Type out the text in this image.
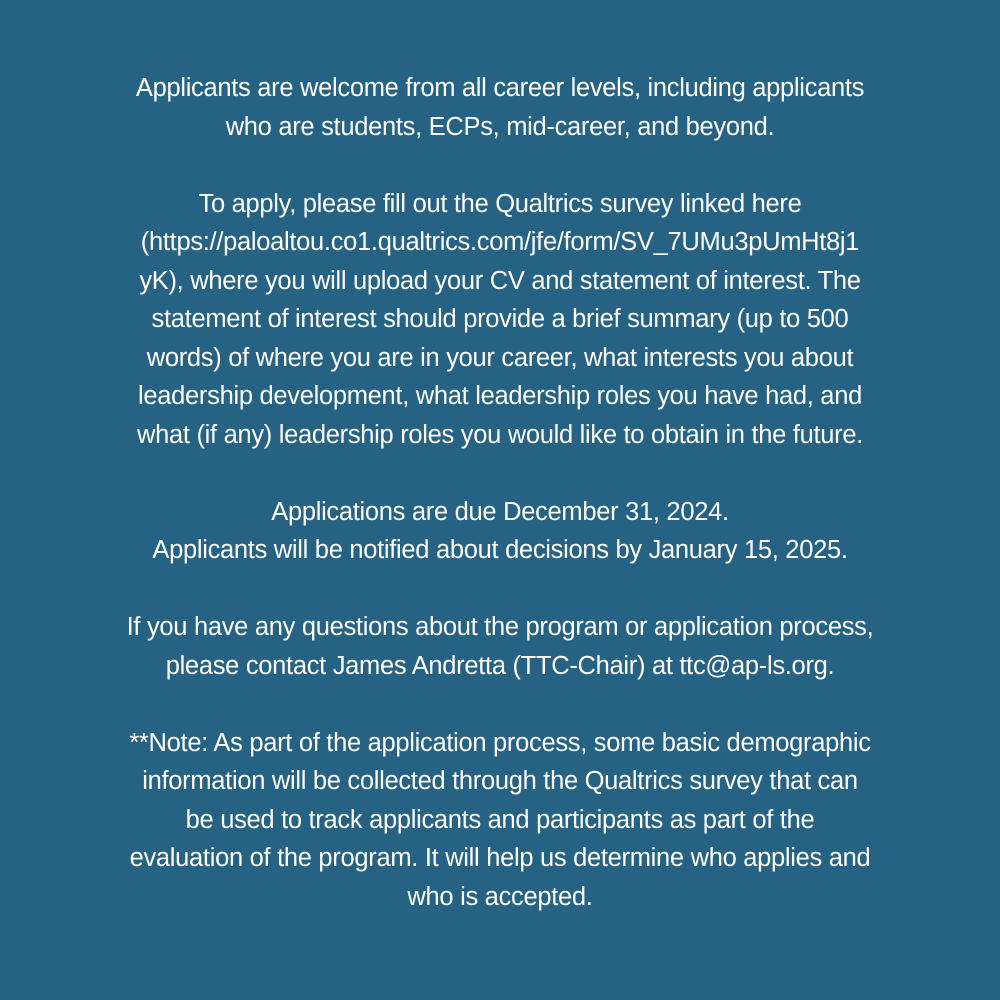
Applicants are welcome from all career levels, including applicants
who are students, ECPs, mid-career, and beyond.
To apply, please fill out the Qualtrics survey linked here
(https://paloaltou.co1.qualtrics.com/jfe/form/SV_7UMu3pUmHt8j1
yK), where you will upload your CV and statement of interest. The
statement of interest should provide a brief summary (up to 500
words) of where you are in your career, what interests you about
leadership development, what leadership roles you have had, and
what (if any) leadership roles you would like to obtain in the future.
Applications are due December 31, 2024.
Applicants will be notified about decisions by January 15, 2025.
If you have any questions about the program or application process,
please contact James Andretta (TTC-Chair) at ttc@ap-ls.org.
**Note: As part of the application process, some basic demographic
information will be collected through the Qualtrics survey that can
be used to track applicants and participants as part of the
evaluation of the program. It will help us determine who applies and
who is accepted.
